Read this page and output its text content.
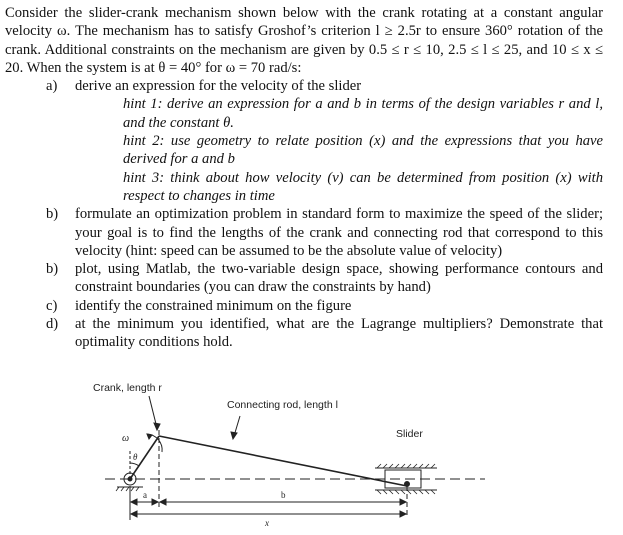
Consider the slider-crank mechanism shown below with the crank rotating at a constant angular velocity ω. The mechanism has to satisfy Groshof’s criterion l ≥ 2.5r to ensure 360° rotation of the crank. Additional constraints on the mechanism are given by 0.5 ≤ r ≤ 10, 2.5 ≤ l ≤ 25, and 10 ≤ x ≤ 20. When the system is at θ = 40° for ω = 70 rad/s:
a) derive an expression for the velocity of the slider
hint 1: derive an expression for a and b in terms of the design variables r and l, and the constant θ.
hint 2: use geometry to relate position (x) and the expressions that you have derived for a and b
hint 3: think about how velocity (v) can be determined from position (x) with respect to changes in time
b) formulate an optimization problem in standard form to maximize the speed of the slider; your goal is to find the lengths of the crank and connecting rod that correspond to this velocity (hint: speed can be assumed to be the absolute value of velocity)
b) plot, using Matlab, the two-variable design space, showing performance contours and constraint boundaries (you can draw the constraints by hand)
c) identify the constrained minimum on the figure
d) at the minimum you identified, what are the Lagrange multipliers? Demonstrate that optimality conditions hold.
Crank, length r
Connecting rod, length l
Slider
ω
θ
a	b
x
